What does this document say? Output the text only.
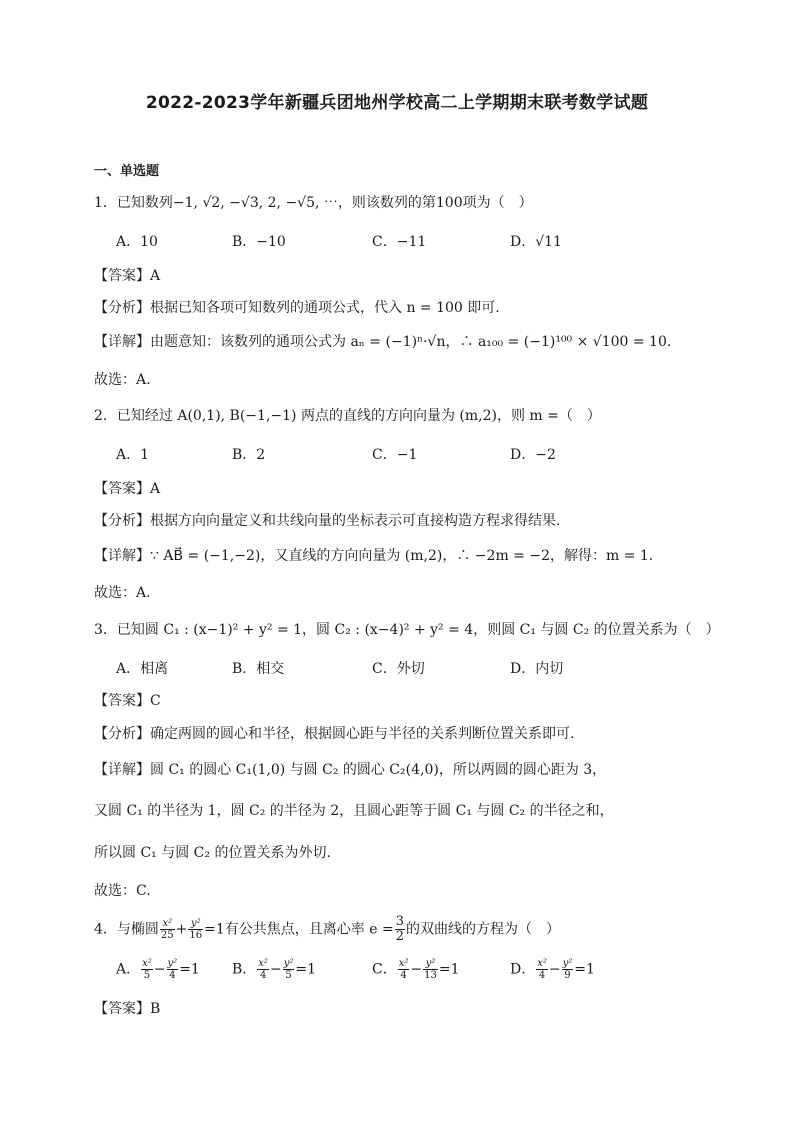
2022-2023学年新疆兵团地州学校高二上学期期末联考数学试题
一、单选题
1．已知数列−1, √2, −√3, 2, −√5, ⋯，则该数列的第100项为（　）
A．10	B．−10	C．−11	D．√11
【答案】A
【分析】根据已知各项可知数列的通项公式，代入 n = 100 即可.
【详解】由题意知：该数列的通项公式为 aₙ = (−1)ⁿ·√n，∴ a₁₀₀ = (−1)¹⁰⁰ × √100 = 10.
故选：A.
2．已知经过 A(0,1), B(−1,−1) 两点的直线的方向向量为 (m,2)，则 m =（　）
A．1	B．2	C．−1	D．−2
【答案】A
【分析】根据方向向量定义和共线向量的坐标表示可直接构造方程求得结果.
【详解】∵ AB⃗ = (−1,−2)，又直线的方向向量为 (m,2)，∴ −2m = −2，解得：m = 1.
故选：A.
3．已知圆 C₁ : (x−1)² + y² = 1，圆 C₂ : (x−4)² + y² = 4，则圆 C₁ 与圆 C₂ 的位置关系为（　）
A．相离	B．相交	C．外切	D．内切
【答案】C
【分析】确定两圆的圆心和半径，根据圆心距与半径的关系判断位置关系即可.
【详解】圆 C₁ 的圆心 C₁(1,0) 与圆 C₂ 的圆心 C₂(4,0)，所以两圆的圆心距为 3，
又圆 C₁ 的半径为 1，圆 C₂ 的半径为 2，且圆心距等于圆 C₁ 与圆 C₂ 的半径之和，
所以圆 C₁ 与圆 C₂ 的位置关系为外切.
故选：C.
4．与椭圆 $\frac{\text{x²}}{25} + \frac{\text{y²}}{16} =1$有公共焦点，且离心率 $e = \frac{3}{2}$ 的双曲线的方程为（　）
A． $\frac{\text{x²}}{5} - \frac{\text{y²}}{4} =1$ B． $\frac{\text{x²}}{4} - \frac{\text{y²}}{5} =1$	C． $\frac{\text{x²}}{4} - \frac{\text{y²}}{13} =1$	D． $\frac{\text{x²}}{4} - \frac{\text{y²}}{9} =1$
【答案】B
